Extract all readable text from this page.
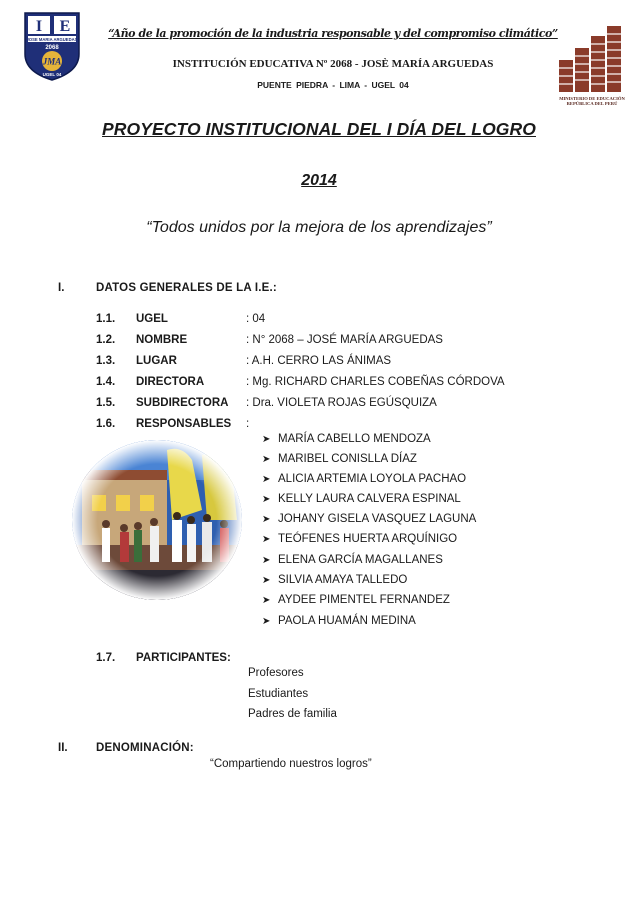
I E
JOSE MARIA ARGUEDAS
2068
JMA
UGEL 04
“Año de la promoción de la industria responsable y del compromiso climático”
INSTITUCIÓN EDUCATIVA Nº 2068 - JOSÈ MARÍA ARGUEDAS
PUENTE PIEDRA - LIMA - UGEL 04
MINISTERIO DE EDUCACIÓN
REPÚBLICA DEL PERÚ
PROYECTO INSTITUCIONAL DEL I DÍA DEL LOGRO
2014
“Todos unidos por la mejora de los aprendizajes”
I.	DATOS GENERALES DE LA I.E.:
1.1. UGEL	: 04
1.2. NOMBRE	: N° 2068 – JOSÉ MARÍA ARGUEDAS
1.3. LUGAR	: A.H. CERRO LAS ÁNIMAS
1.4. DIRECTORA	: Mg. RICHARD CHARLES COBEÑAS CÓRDOVA
1.5. SUBDIRECTORA : Dra. VIOLETA ROJAS EGÚSQUIZA
1.6. RESPONSABLES :
➤ MARÍA CABELLO MENDOZA
➤ MARIBEL CONISLLA DÍAZ
➤ ALICIA ARTEMIA LOYOLA PACHAO
➤ KELLY LAURA CALVERA ESPINAL
➤ JOHANY GISELA VASQUEZ LAGUNA
➤ TEÓFENES HUERTA ARQUÍNIGO
➤ ELENA GARCÍA MAGALLANES
➤ SILVIA AMAYA TALLEDO
➤ AYDEE PIMENTEL FERNANDEZ
➤ PAOLA HUAMÁN MEDINA
1.7. PARTICIPANTES:
Profesores
Estudiantes
Padres de familia
II. DENOMINACIÓN:
“Compartiendo nuestros logros”
